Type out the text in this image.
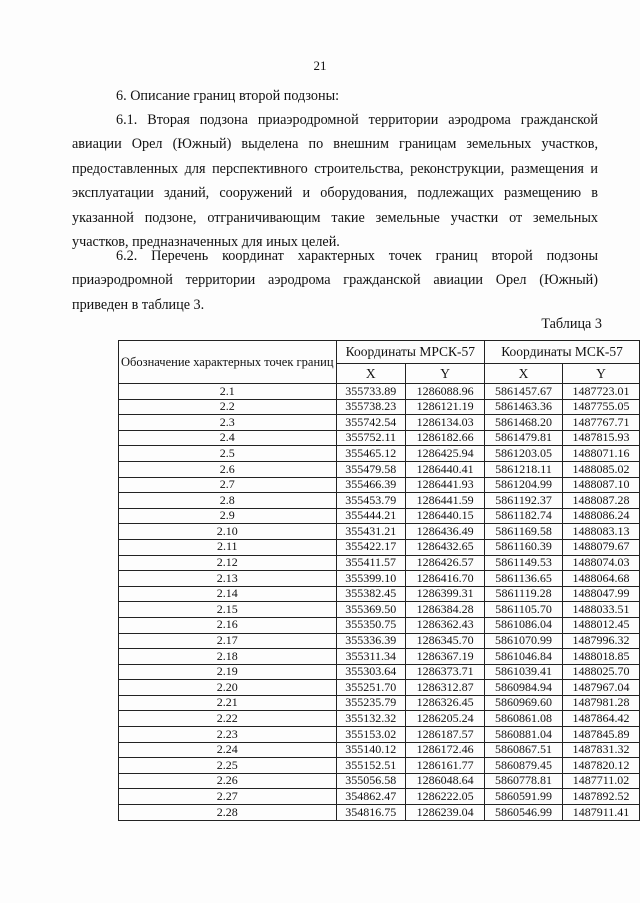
21
6. Описание границ второй подзоны:
6.1. Вторая подзона приаэродромной территории аэродрома гражданской авиации Орел (Южный) выделена по внешним границам земельных участков, предоставленных для перспективного строительства, реконструкции, размещения и эксплуатации зданий, сооружений и оборудования, подлежащих размещению в указанной подзоне, отграничивающим такие земельные участки от земельных участков, предназначенных для иных целей.
6.2. Перечень координат характерных точек границ второй подзоны приаэродромной территории аэродрома гражданской авиации Орел (Южный) приведен в таблице 3.
Таблица 3
Обозначение характерных точек границ	Координаты МРСК-57		Координаты МСК-57	
	X	Y	X	Y
2.1	355733.89	1286088.96	5861457.67	1487723.01
2.2	355738.23	1286121.19	5861463.36	1487755.05
2.3	355742.54	1286134.03	5861468.20	1487767.71
2.4	355752.11	1286182.66	5861479.81	1487815.93
2.5	355465.12	1286425.94	5861203.05	1488071.16
2.6	355479.58	1286440.41	5861218.11	1488085.02
2.7	355466.39	1286441.93	5861204.99	1488087.10
2.8	355453.79	1286441.59	5861192.37	1488087.28
2.9	355444.21	1286440.15	5861182.74	1488086.24
2.10	355431.21	1286436.49	5861169.58	1488083.13
2.11	355422.17	1286432.65	5861160.39	1488079.67
2.12	355411.57	1286426.57	5861149.53	1488074.03
2.13	355399.10	1286416.70	5861136.65	1488064.68
2.14	355382.45	1286399.31	5861119.28	1488047.99
2.15	355369.50	1286384.28	5861105.70	1488033.51
2.16	355350.75	1286362.43	5861086.04	1488012.45
2.17	355336.39	1286345.70	5861070.99	1487996.32
2.18	355311.34	1286367.19	5861046.84	1488018.85
2.19	355303.64	1286373.71	5861039.41	1488025.70
2.20	355251.70	1286312.87	5860984.94	1487967.04
2.21	355235.79	1286326.45	5860969.60	1487981.28
2.22	355132.32	1286205.24	5860861.08	1487864.42
2.23	355153.02	1286187.57	5860881.04	1487845.89
2.24	355140.12	1286172.46	5860867.51	1487831.32
2.25	355152.51	1286161.77	5860879.45	1487820.12
2.26	355056.58	1286048.64	5860778.81	1487711.02
2.27	354862.47	1286222.05	5860591.99	1487892.52
2.28	354816.75	1286239.04	5860546.99	1487911.41
